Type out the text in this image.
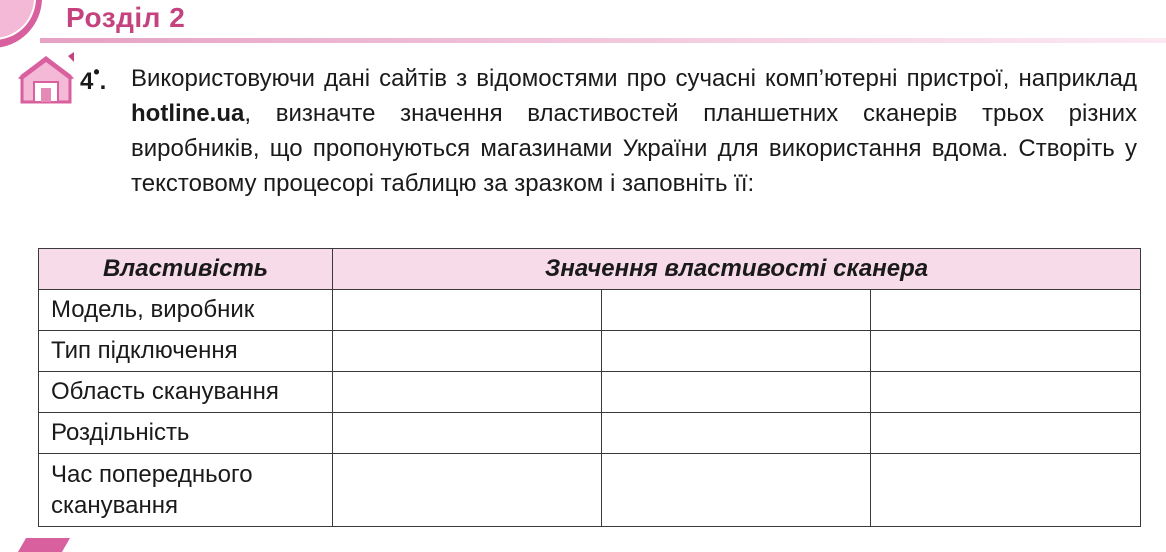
Розділ 2
4•. Використовуючи дані сайтів з відомостями про сучасні комп’ютерні пристрої, наприклад hotline.ua, визначте значення властивостей планшетних сканерів трьох різних виробників, що пропонуються магазинами України для використання вдома. Створіть у текстовому процесорі таблицю за зразком і заповніть її:

Властивість	Значення властивості сканера		
Модель, виробник			
Тип підключення			
Область сканування			
Роздільність			
Час попереднього сканування			
